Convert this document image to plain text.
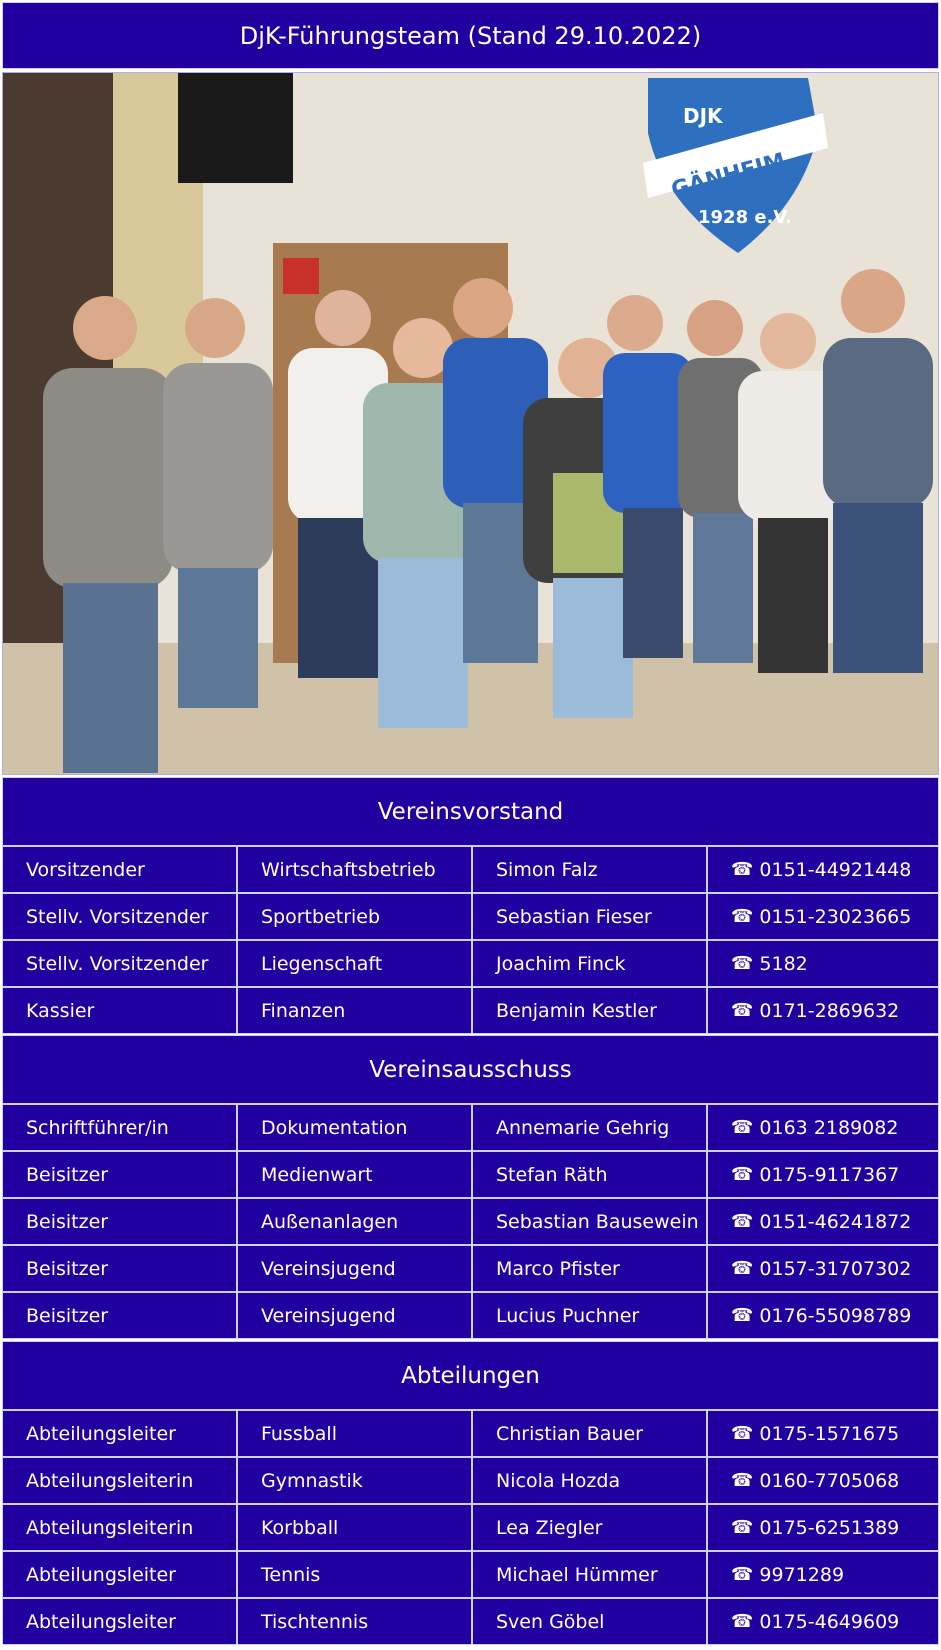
DjK-Führungsteam (Stand 29.10.2022)
DJK
GÄNHEIM
1928 e.V.
Vereinsvorstand
Vorsitzender	Wirtschaftsbetrieb	Simon Falz	☎ 0151-44921448
Stellv. Vorsitzender	Sportbetrieb	Sebastian Fieser	☎ 0151-23023665
Stellv. Vorsitzender	Liegenschaft	Joachim Finck	☎ 5182
Kassier	Finanzen	Benjamin Kestler	☎ 0171-2869632
Vereinsausschuss
Schriftführer/in	Dokumentation	Annemarie Gehrig	☎ 0163 2189082
Beisitzer	Medienwart	Stefan Räth	☎ 0175-9117367
Beisitzer	Außenanlagen	Sebastian Bausewein	☎ 0151-46241872
Beisitzer	Vereinsjugend	Marco Pfister	☎ 0157-31707302
Beisitzer	Vereinsjugend	Lucius Puchner	☎ 0176-55098789
Abteilungen
Abteilungsleiter	Fussball	Christian Bauer	☎ 0175-1571675
Abteilungsleiterin	Gymnastik	Nicola Hozda	☎ 0160-7705068
Abteilungsleiterin	Korbball	Lea Ziegler	☎ 0175-6251389
Abteilungsleiter	Tennis	Michael Hümmer	☎ 9971289
Abteilungsleiter	Tischtennis	Sven Göbel	☎ 0175-4649609
